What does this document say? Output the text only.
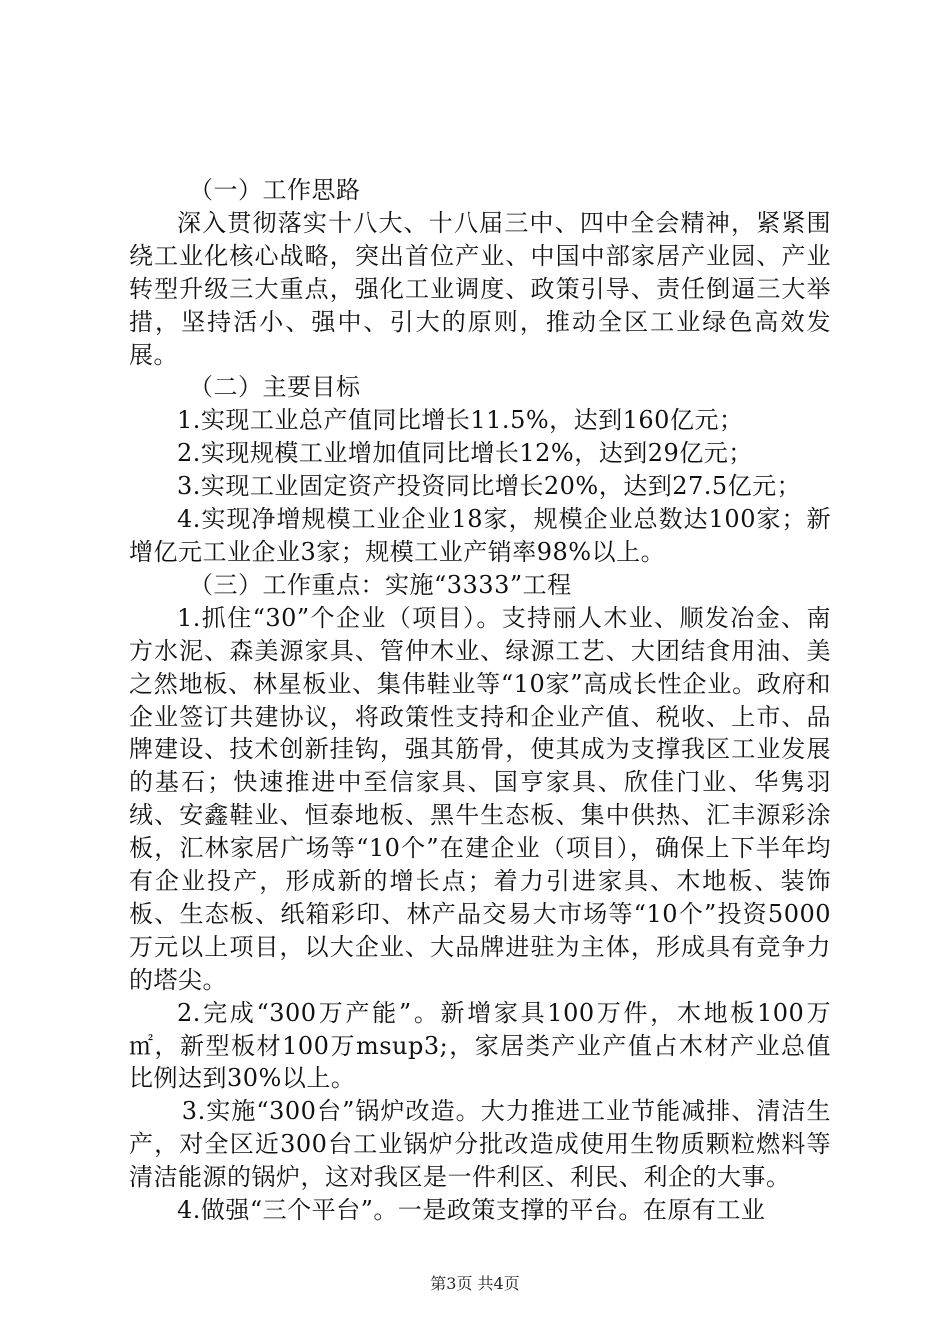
（一）工作思路

深入贯彻落实十八大、十八届三中、四中全会精神，紧紧围绕工业化核心战略，突出首位产业、中国中部家居产业园、产业转型升级三大重点，强化工业调度、政策引导、责任倒逼三大举措，坚持活小、强中、引大的原则，推动全区工业绿色高效发展。

（二）主要目标

1.实现工业总产值同比增长11.5%，达到160亿元；

2.实现规模工业增加值同比增长12%，达到29亿元；

3.实现工业固定资产投资同比增长20%，达到27.5亿元；

4.实现净增规模工业企业18家，规模企业总数达100家；新增亿元工业企业3家；规模工业产销率98%以上。

（三）工作重点：实施“3333”工程

1.抓住“30”个企业（项目）。支持丽人木业、顺发冶金、南方水泥、森美源家具、管仲木业、绿源工艺、大团结食用油、美之然地板、林星板业、集伟鞋业等“10家”高成长性企业。政府和企业签订共建协议，将政策性支持和企业产值、税收、上市、品牌建设、技术创新挂钩，强其筋骨，使其成为支撑我区工业发展的基石；快速推进中至信家具、国亨家具、欣佳门业、华隽羽绒、安鑫鞋业、恒泰地板、黑牛生态板、集中供热、汇丰源彩涂板，汇林家居广场等“10个”在建企业（项目），确保上下半年均有企业投产，形成新的增长点；着力引进家具、木地板、装饰板、生态板、纸箱彩印、林产品交易大市场等“10个”投资5000万元以上项目，以大企业、大品牌进驻为主体，形成具有竞争力的塔尖。

2.完成“300万产能”。新增家具100万件，木地板100万㎡，新型板材100万msup3;，家居类产业产值占木材产业总值比例达到30%以上。

3.实施“300台”锅炉改造。大力推进工业节能减排、清洁生产，对全区近300台工业锅炉分批改造成使用生物质颗粒燃料等清洁能源的锅炉，这对我区是一件利区、利民、利企的大事。

4.做强“三个平台”。一是政策支撑的平台。在原有工业

第3页 共4页
